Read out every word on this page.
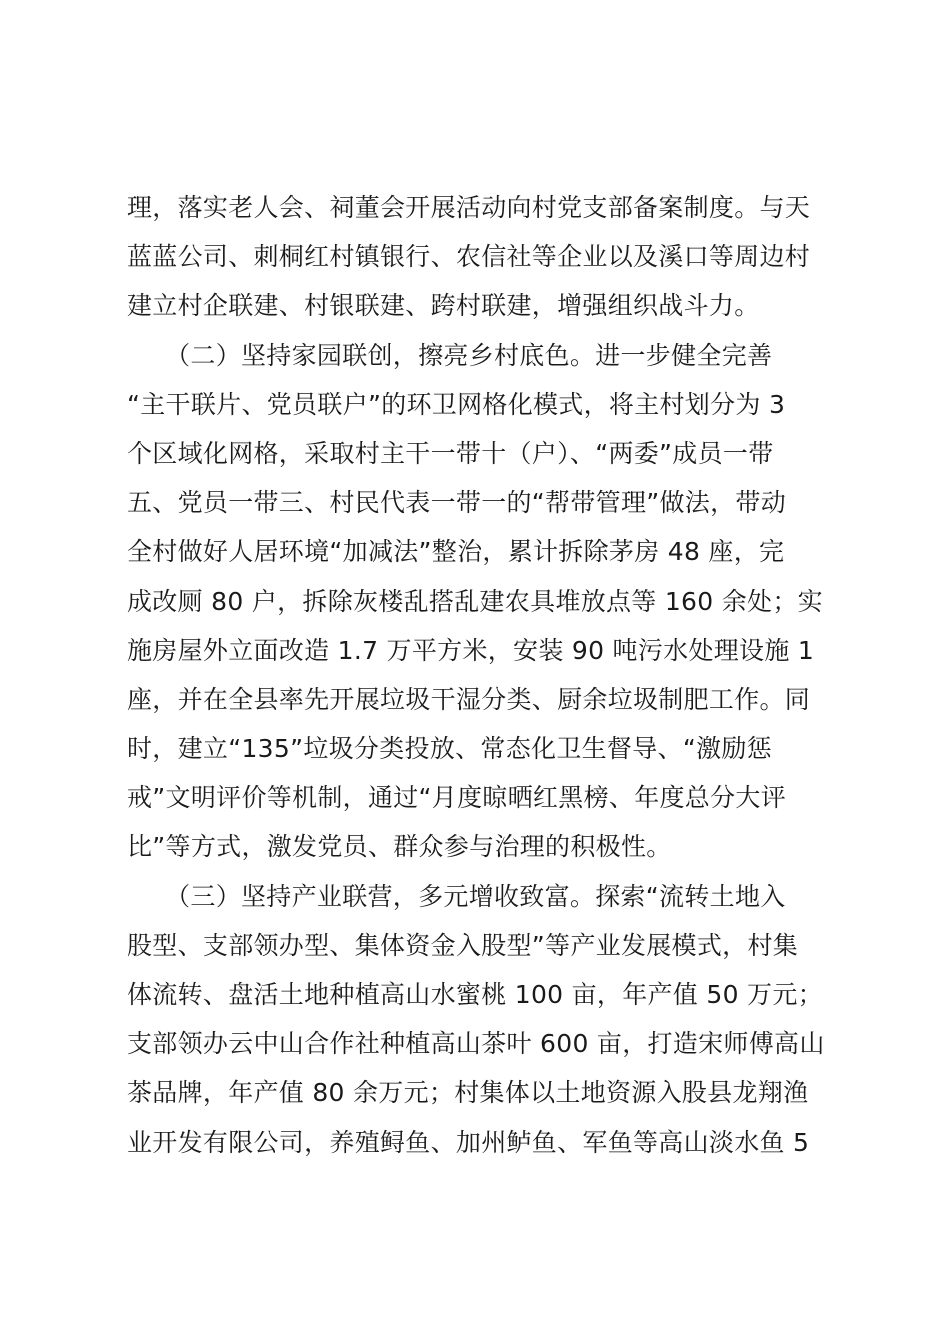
理，落实老人会、祠董会开展活动向村党支部备案制度。与天
蓝蓝公司、刺桐红村镇银行、农信社等企业以及溪口等周边村
建立村企联建、村银联建、跨村联建，增强组织战斗力。
　　（二）坚持家园联创，擦亮乡村底色。进一步健全完善
“主干联片、党员联户”的环卫网格化模式，将主村划分为 3
个区域化网格，采取村主干一带十（户）、“两委”成员一带
五、党员一带三、村民代表一带一的“帮带管理”做法，带动
全村做好人居环境“加减法”整治，累计拆除茅房 48 座，完
成改厕 80 户，拆除灰楼乱搭乱建农具堆放点等 160 余处；实
施房屋外立面改造 1.7 万平方米，安装 90 吨污水处理设施 1
座，并在全县率先开展垃圾干湿分类、厨余垃圾制肥工作。同
时，建立“135”垃圾分类投放、常态化卫生督导、“激励惩
戒”文明评价等机制，通过“月度晾晒红黑榜、年度总分大评
比”等方式，激发党员、群众参与治理的积极性。
　　（三）坚持产业联营，多元增收致富。探索“流转土地入
股型、支部领办型、集体资金入股型”等产业发展模式，村集
体流转、盘活土地种植高山水蜜桃 100 亩，年产值 50 万元；
支部领办云中山合作社种植高山茶叶 600 亩，打造宋师傅高山
茶品牌，年产值 80 余万元；村集体以土地资源入股县龙翔渔
业开发有限公司，养殖鲟鱼、加州鲈鱼、军鱼等高山淡水鱼 5
